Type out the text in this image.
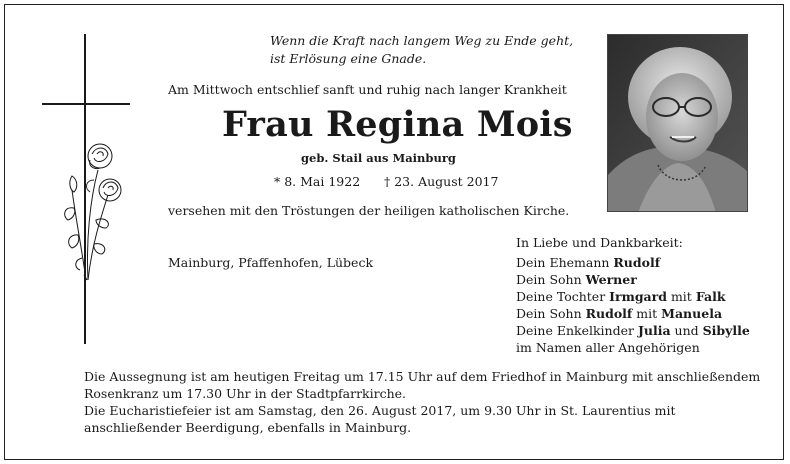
Wenn die Kraft nach langem Weg zu Ende geht,
ist Erlösung eine Gnade.
Am Mittwoch entschlief sanft und ruhig nach langer Krankheit
Frau Regina Mois
geb. Stail aus Mainburg
* 8. Mai 1922 † 23. August 2017
versehen mit den Tröstungen der heiligen katholischen Kirche.
Mainburg, Pfaffenhofen, Lübeck
In Liebe und Dankbarkeit:
Dein Ehemann Rudolf
Dein Sohn Werner
Deine Tochter Irmgard mit Falk
Dein Sohn Rudolf mit Manuela
Deine Enkelkinder Julia und Sibylle
im Namen aller Angehörigen
Die Aussegnung ist am heutigen Freitag um 17.15 Uhr auf dem Friedhof in Mainburg mit anschließendem Rosenkranz um 17.30 Uhr in der Stadtpfarrkirche.
Die Eucharistiefeier ist am Samstag, den 26. August 2017, um 9.30 Uhr in St. Laurentius mit anschließender Beerdigung, ebenfalls in Mainburg.
